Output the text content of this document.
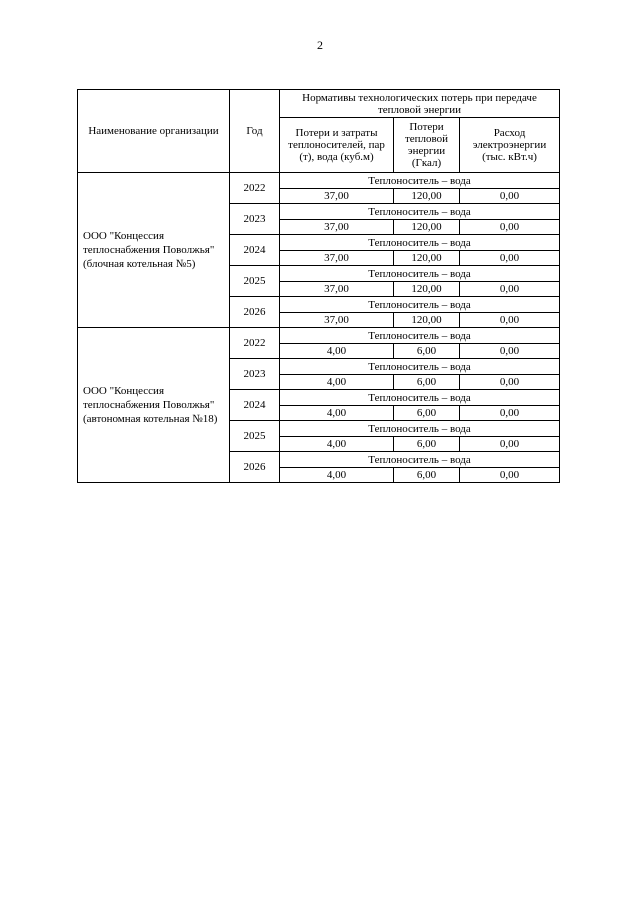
2
Наименование организации	Год	Нормативы технологических потерь при передаче тепловой энергии		
		Потери и затраты теплоносителей, пар (т), вода (куб.м)	Потери тепловой энергии (Гкал)	Расход электроэнергии (тыс. кВт.ч)
ООО "Концессия теплоснабжения Поволжья" (блочная котельная №5)	2022	Теплоноситель – вода		
		37,00	120,00	0,00
	2023	Теплоноситель – вода		
		37,00	120,00	0,00
	2024	Теплоноситель – вода		
		37,00	120,00	0,00
	2025	Теплоноситель – вода		
		37,00	120,00	0,00
	2026	Теплоноситель – вода		
		37,00	120,00	0,00
ООО "Концессия теплоснабжения Поволжья" (автономная котельная №18)	2022	Теплоноситель – вода		
		4,00	6,00	0,00
	2023	Теплоноситель – вода		
		4,00	6,00	0,00
	2024	Теплоноситель – вода		
		4,00	6,00	0,00
	2025	Теплоноситель – вода		
		4,00	6,00	0,00
	2026	Теплоноситель – вода		
		4,00	6,00	0,00
